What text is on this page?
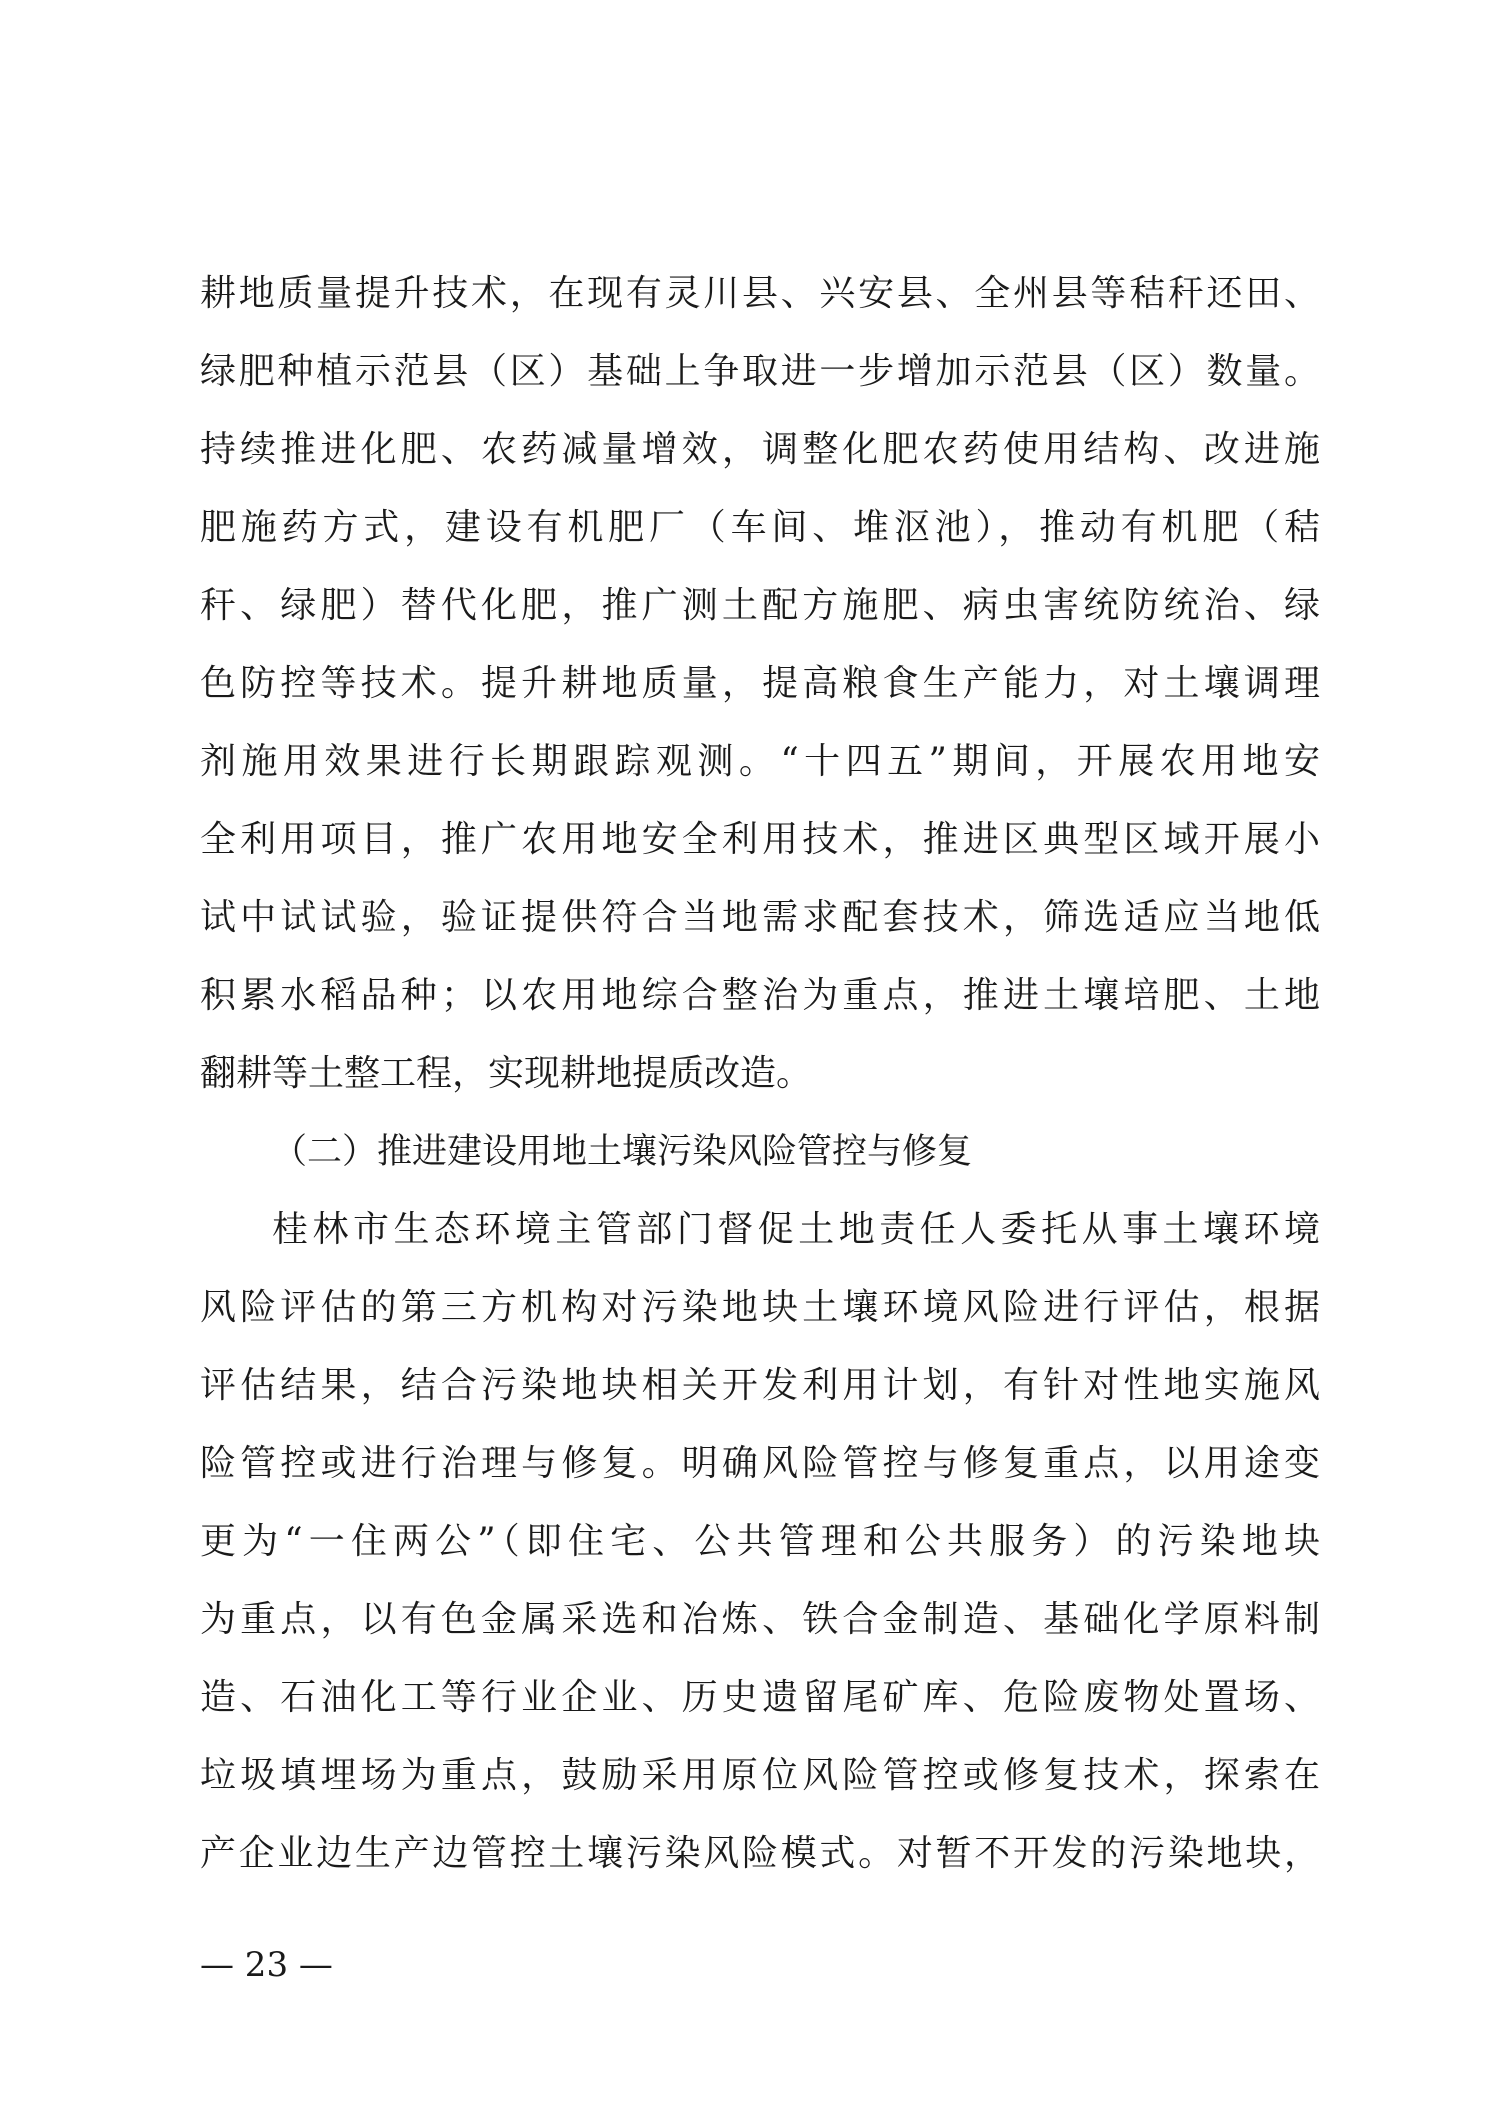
耕地质量提升技术，在现有灵川县、兴安县、全州县等秸秆还田、
绿肥种植示范县（区）基础上争取进一步增加示范县（区）数量。
持续推进化肥、农药减量增效，调整化肥农药使用结构、改进施
肥施药方式，建设有机肥厂（车间、堆沤池），推动有机肥（秸
秆、绿肥）替代化肥，推广测土配方施肥、病虫害统防统治、绿
色防控等技术。提升耕地质量，提高粮食生产能力，对土壤调理
剂施用效果进行长期跟踪观测。“十四五”期间，开展农用地安
全利用项目，推广农用地安全利用技术，推进区典型区域开展小
试中试试验，验证提供符合当地需求配套技术，筛选适应当地低
积累水稻品种；以农用地综合整治为重点，推进土壤培肥、土地
翻耕等土整工程，实现耕地提质改造。
（二）推进建设用地土壤污染风险管控与修复
桂林市生态环境主管部门督促土地责任人委托从事土壤环境
风险评估的第三方机构对污染地块土壤环境风险进行评估，根据
评估结果，结合污染地块相关开发利用计划，有针对性地实施风
险管控或进行治理与修复。明确风险管控与修复重点，以用途变
更为“一住两公”（即住宅、公共管理和公共服务）的污染地块
为重点，以有色金属采选和冶炼、铁合金制造、基础化学原料制
造、石油化工等行业企业、历史遗留尾矿库、危险废物处置场、
垃圾填埋场为重点，鼓励采用原位风险管控或修复技术，探索在
产企业边生产边管控土壤污染风险模式。对暂不开发的污染地块，
— 23 —
